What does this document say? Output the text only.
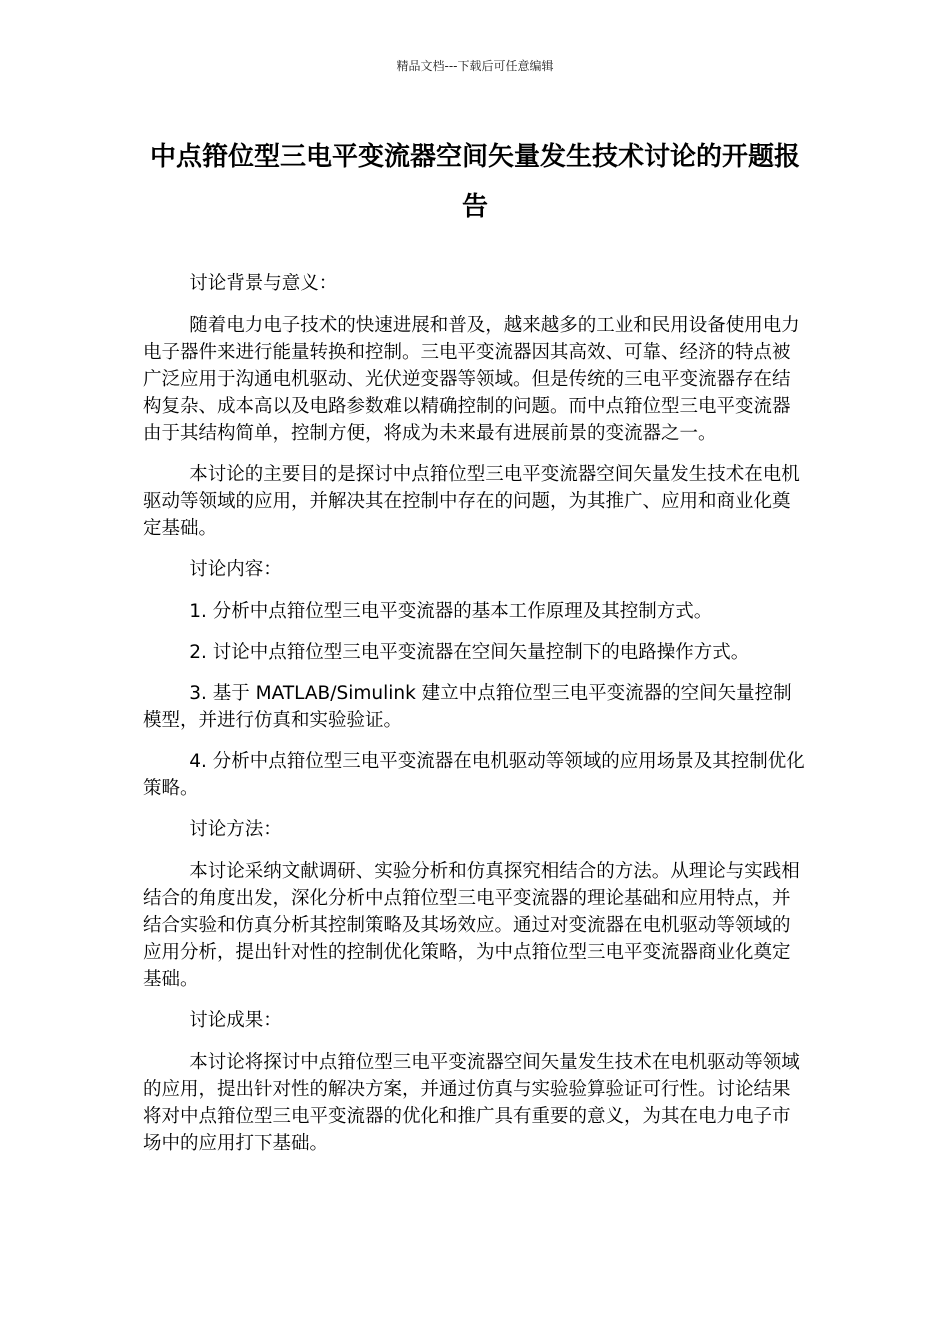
精品文档---下载后可任意编辑
中点箝位型三电平变流器空间矢量发生技术讨论的开题报告

讨论背景与意义：

随着电力电子技术的快速进展和普及，越来越多的工业和民用设备使用电力电子器件来进行能量转换和控制。三电平变流器因其高效、可靠、经济的特点被广泛应用于沟通电机驱动、光伏逆变器等领域。但是传统的三电平变流器存在结构复杂、成本高以及电路参数难以精确控制的问题。而中点箝位型三电平变流器由于其结构简单，控制方便，将成为未来最有进展前景的变流器之一。

本讨论的主要目的是探讨中点箝位型三电平变流器空间矢量发生技术在电机驱动等领域的应用，并解决其在控制中存在的问题，为其推广、应用和商业化奠定基础。

讨论内容：

1. 分析中点箝位型三电平变流器的基本工作原理及其控制方式。

2. 讨论中点箝位型三电平变流器在空间矢量控制下的电路操作方式。

3. 基于 MATLAB/Simulink 建立中点箝位型三电平变流器的空间矢量控制模型，并进行仿真和实验验证。

4. 分析中点箝位型三电平变流器在电机驱动等领域的应用场景及其控制优化策略。

讨论方法：

本讨论采纳文献调研、实验分析和仿真探究相结合的方法。从理论与实践相结合的角度出发，深化分析中点箝位型三电平变流器的理论基础和应用特点，并结合实验和仿真分析其控制策略及其场效应。通过对变流器在电机驱动等领域的应用分析，提出针对性的控制优化策略，为中点箝位型三电平变流器商业化奠定基础。

讨论成果：

本讨论将探讨中点箝位型三电平变流器空间矢量发生技术在电机驱动等领域的应用，提出针对性的解决方案，并通过仿真与实验验算验证可行性。讨论结果将对中点箝位型三电平变流器的优化和推广具有重要的意义，为其在电力电子市场中的应用打下基础。
